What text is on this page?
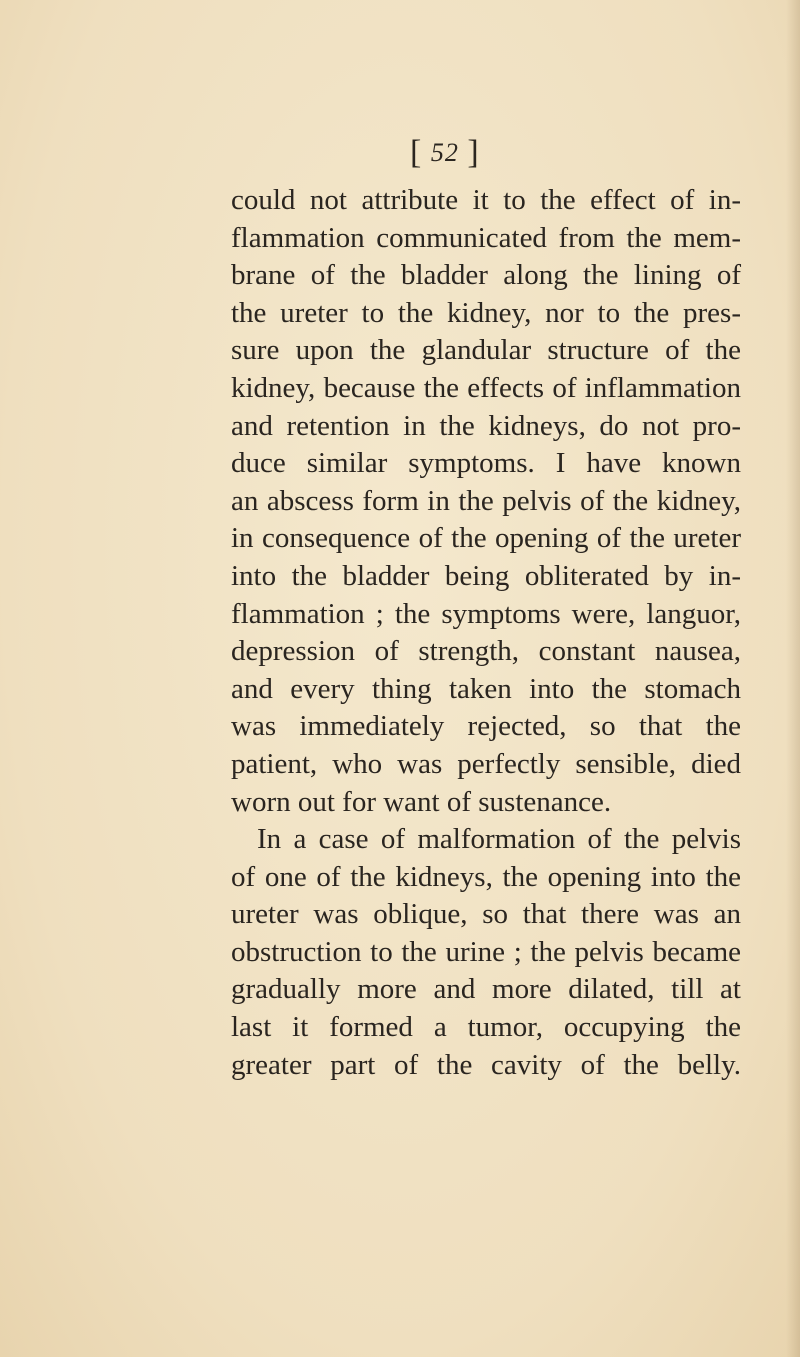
[ 52 ]
could not attribute it to the effect of in-
flammation communicated from the mem-
brane of the bladder along the lining of
the ureter to the kidney, nor to the pres-
sure upon the glandular structure of the
kidney, because the effects of inflammation
and retention in the kidneys, do not pro-
duce similar symptoms. I have known
an abscess form in the pelvis of the kidney,
in consequence of the opening of the ureter
into the bladder being obliterated by in-
flammation ; the symptoms were, languor,
depression of strength, constant nausea,
and every thing taken into the stomach
was immediately rejected, so that the
patient, who was perfectly sensible, died
worn out for want of sustenance.
In a case of malformation of the pelvis
of one of the kidneys, the opening into the
ureter was oblique, so that there was an
obstruction to the urine ; the pelvis became
gradually more and more dilated, till at
last it formed a tumor, occupying the
greater part of the cavity of the belly.
